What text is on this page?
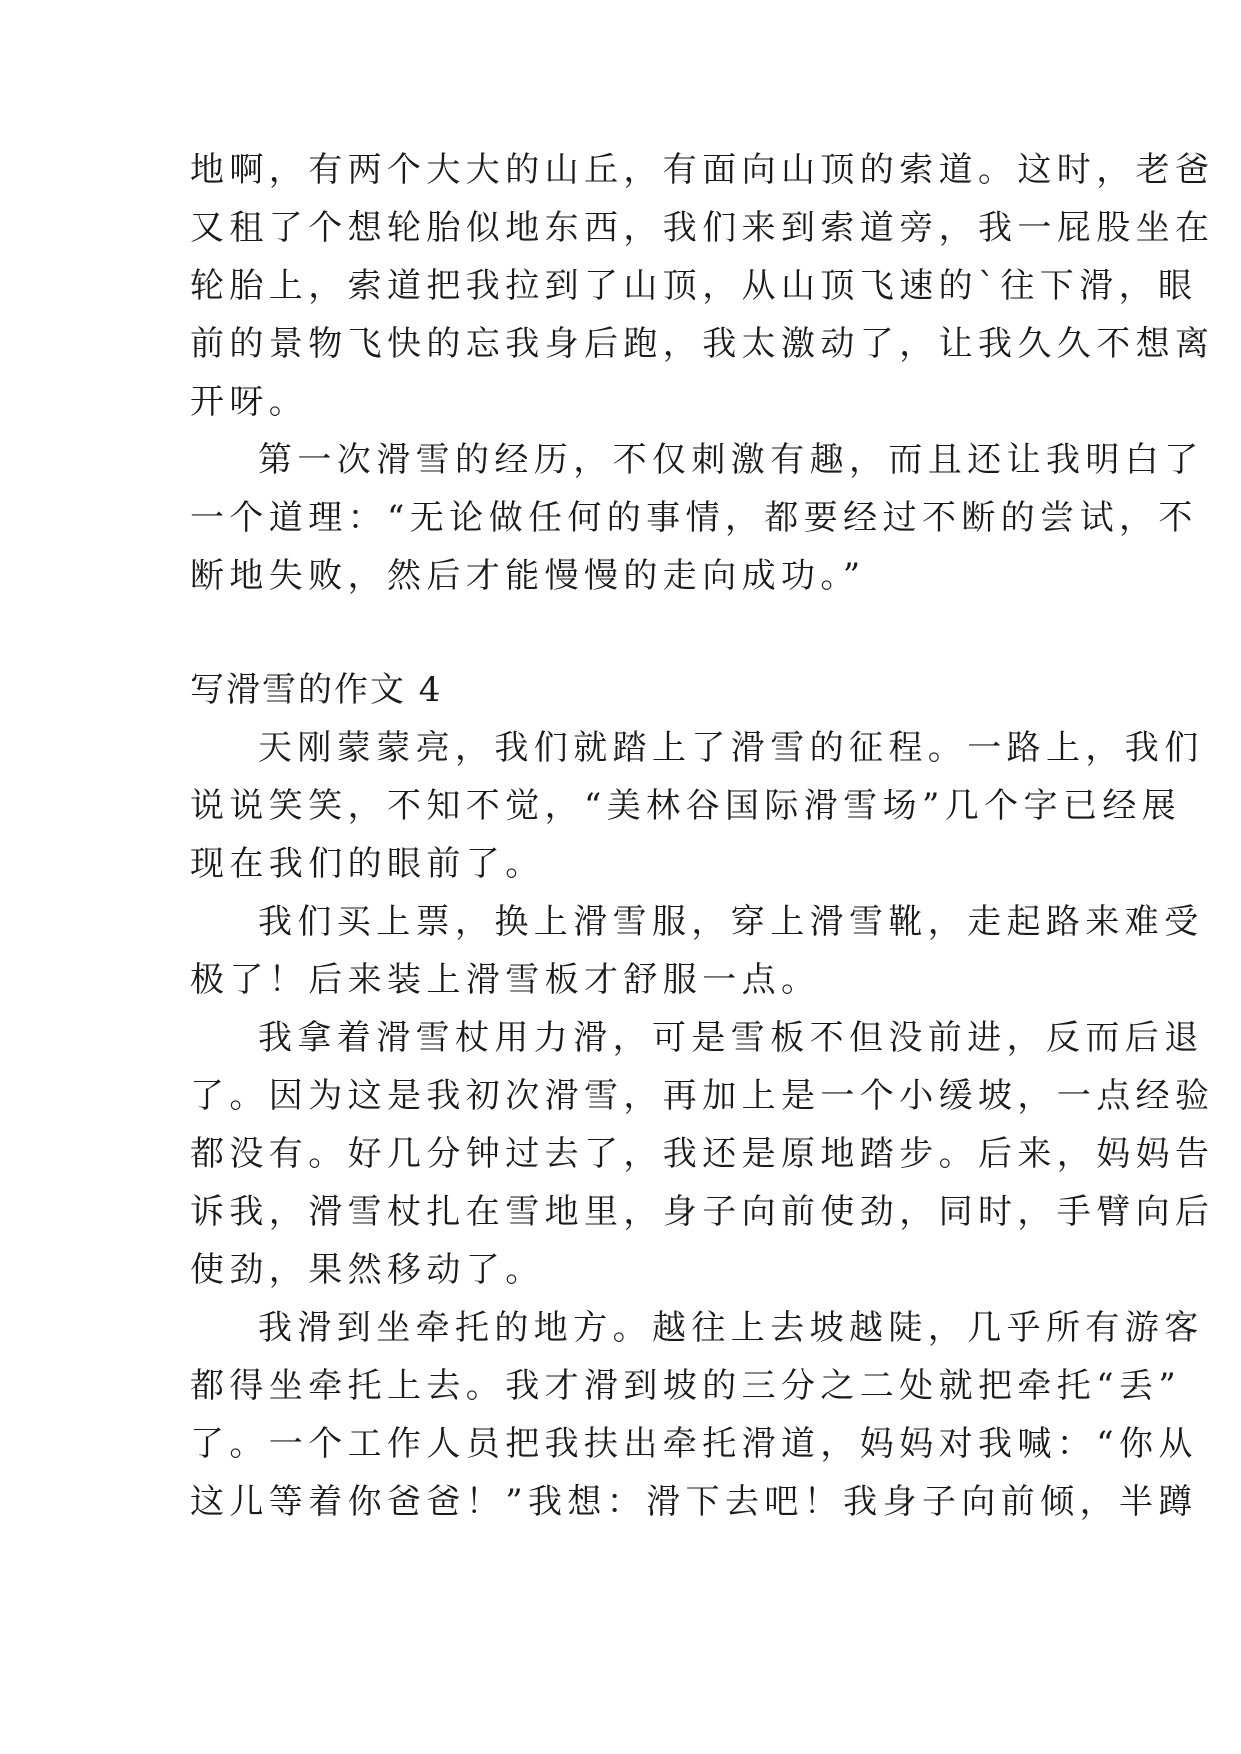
地啊，有两个大大的山丘，有面向山顶的索道。这时，老爸
又租了个想轮胎似地东西，我们来到索道旁，我一屁股坐在
轮胎上，索道把我拉到了山顶，从山顶飞速的`往下滑，眼
前的景物飞快的忘我身后跑，我太激动了，让我久久不想离
开呀。
第一次滑雪的经历，不仅刺激有趣，而且还让我明白了
一个道理：“无论做任何的事情，都要经过不断的尝试，不
断地失败，然后才能慢慢的走向成功。”
写滑雪的作文 4
天刚蒙蒙亮，我们就踏上了滑雪的征程。一路上，我们
说说笑笑，不知不觉，“美林谷国际滑雪场”几个字已经展
现在我们的眼前了。
我们买上票，换上滑雪服，穿上滑雪靴，走起路来难受
极了！后来装上滑雪板才舒服一点。
我拿着滑雪杖用力滑，可是雪板不但没前进，反而后退
了。因为这是我初次滑雪，再加上是一个小缓坡，一点经验
都没有。好几分钟过去了，我还是原地踏步。后来，妈妈告
诉我，滑雪杖扎在雪地里，身子向前使劲，同时，手臂向后
使劲，果然移动了。
我滑到坐牵托的地方。越往上去坡越陡，几乎所有游客
都得坐牵托上去。我才滑到坡的三分之二处就把牵托“丢”
了。一个工作人员把我扶出牵托滑道，妈妈对我喊：“你从
这儿等着你爸爸！”我想：滑下去吧！我身子向前倾，半蹲
